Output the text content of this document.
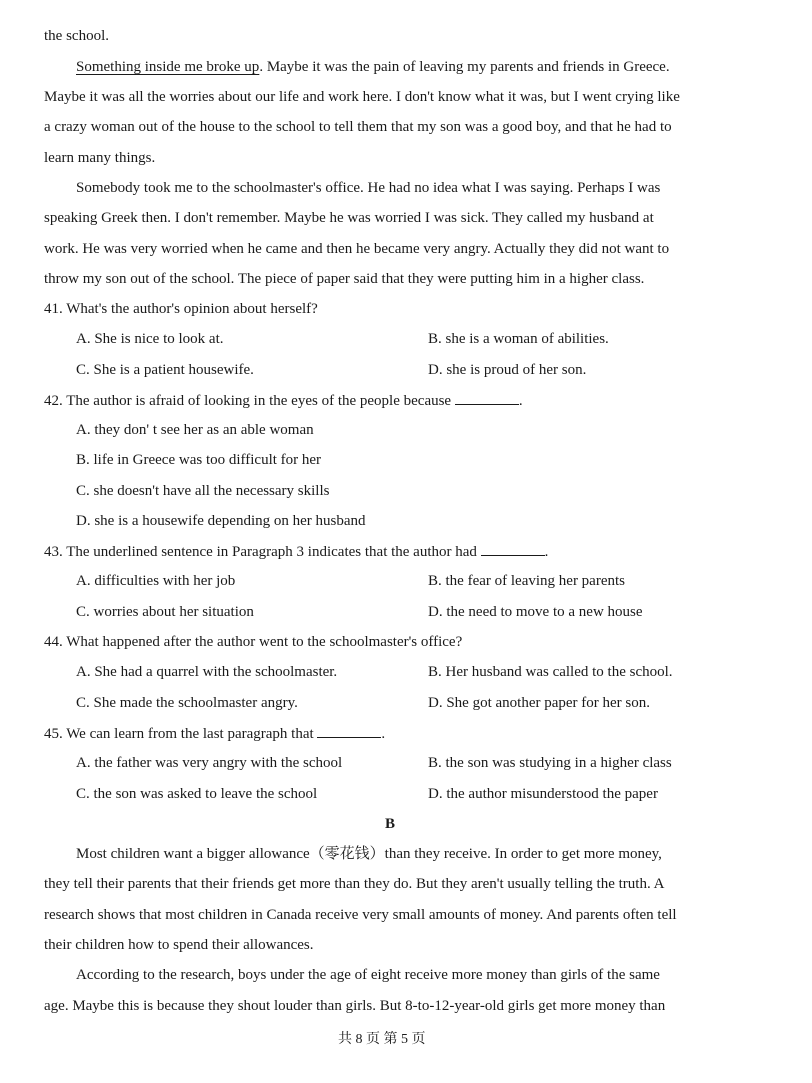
the school.
Something inside me broke up. Maybe it was the pain of leaving my parents and friends in Greece.
Maybe it was all the worries about our life and work here. I don't know what it was, but I went crying like
a crazy woman out of the house to the school to tell them that my son was a good boy, and that he had to
learn many things.
Somebody took me to the schoolmaster's office. He had no idea what I was saying. Perhaps I was
speaking Greek then. I don't remember. Maybe he was worried I was sick. They called my husband at
work. He was very worried when he came and then he became very angry. Actually they did not want to
throw my son out of the school. The piece of paper said that they were putting him in a higher class.
41. What's the author's opinion about herself?
A. She is nice to look at.	B. she is a woman of abilities.
C. She is a patient housewife.	D. she is proud of her son.
42. The author is afraid of looking in the eyes of the people because	.
A. they don' t see her as an able woman
B. life in Greece was too difficult for her
C. she doesn't have all the necessary skills
D. she is a housewife depending on her husband
43. The underlined sentence in Paragraph 3 indicates that the author had	.
A. difficulties with her job	B. the fear of leaving her parents
C. worries about her situation	D. the need to move to a new house
44. What happened after the author went to the schoolmaster's office?
A. She had a quarrel with the schoolmaster.	B. Her husband was called to the school.
C. She made the schoolmaster angry.	D. She got another paper for her son.
45. We can learn from the last paragraph that	.
A. the father was very angry with the school	B. the son was studying in a higher class
C. the son was asked to leave the school	D. the author misunderstood the paper
B
Most children want a bigger allowance（零花钱）than they receive. In order to get more money,
they tell their parents that their friends get more than they do. But they aren't usually telling the truth. A
research shows that most children in Canada receive very small amounts of money. And parents often tell
their children how to spend their allowances.
According to the research, boys under the age of eight receive more money than girls of the same
age. Maybe this is because they shout louder than girls. But 8-to-12-year-old girls get more money than
共 8 页 第 5 页
